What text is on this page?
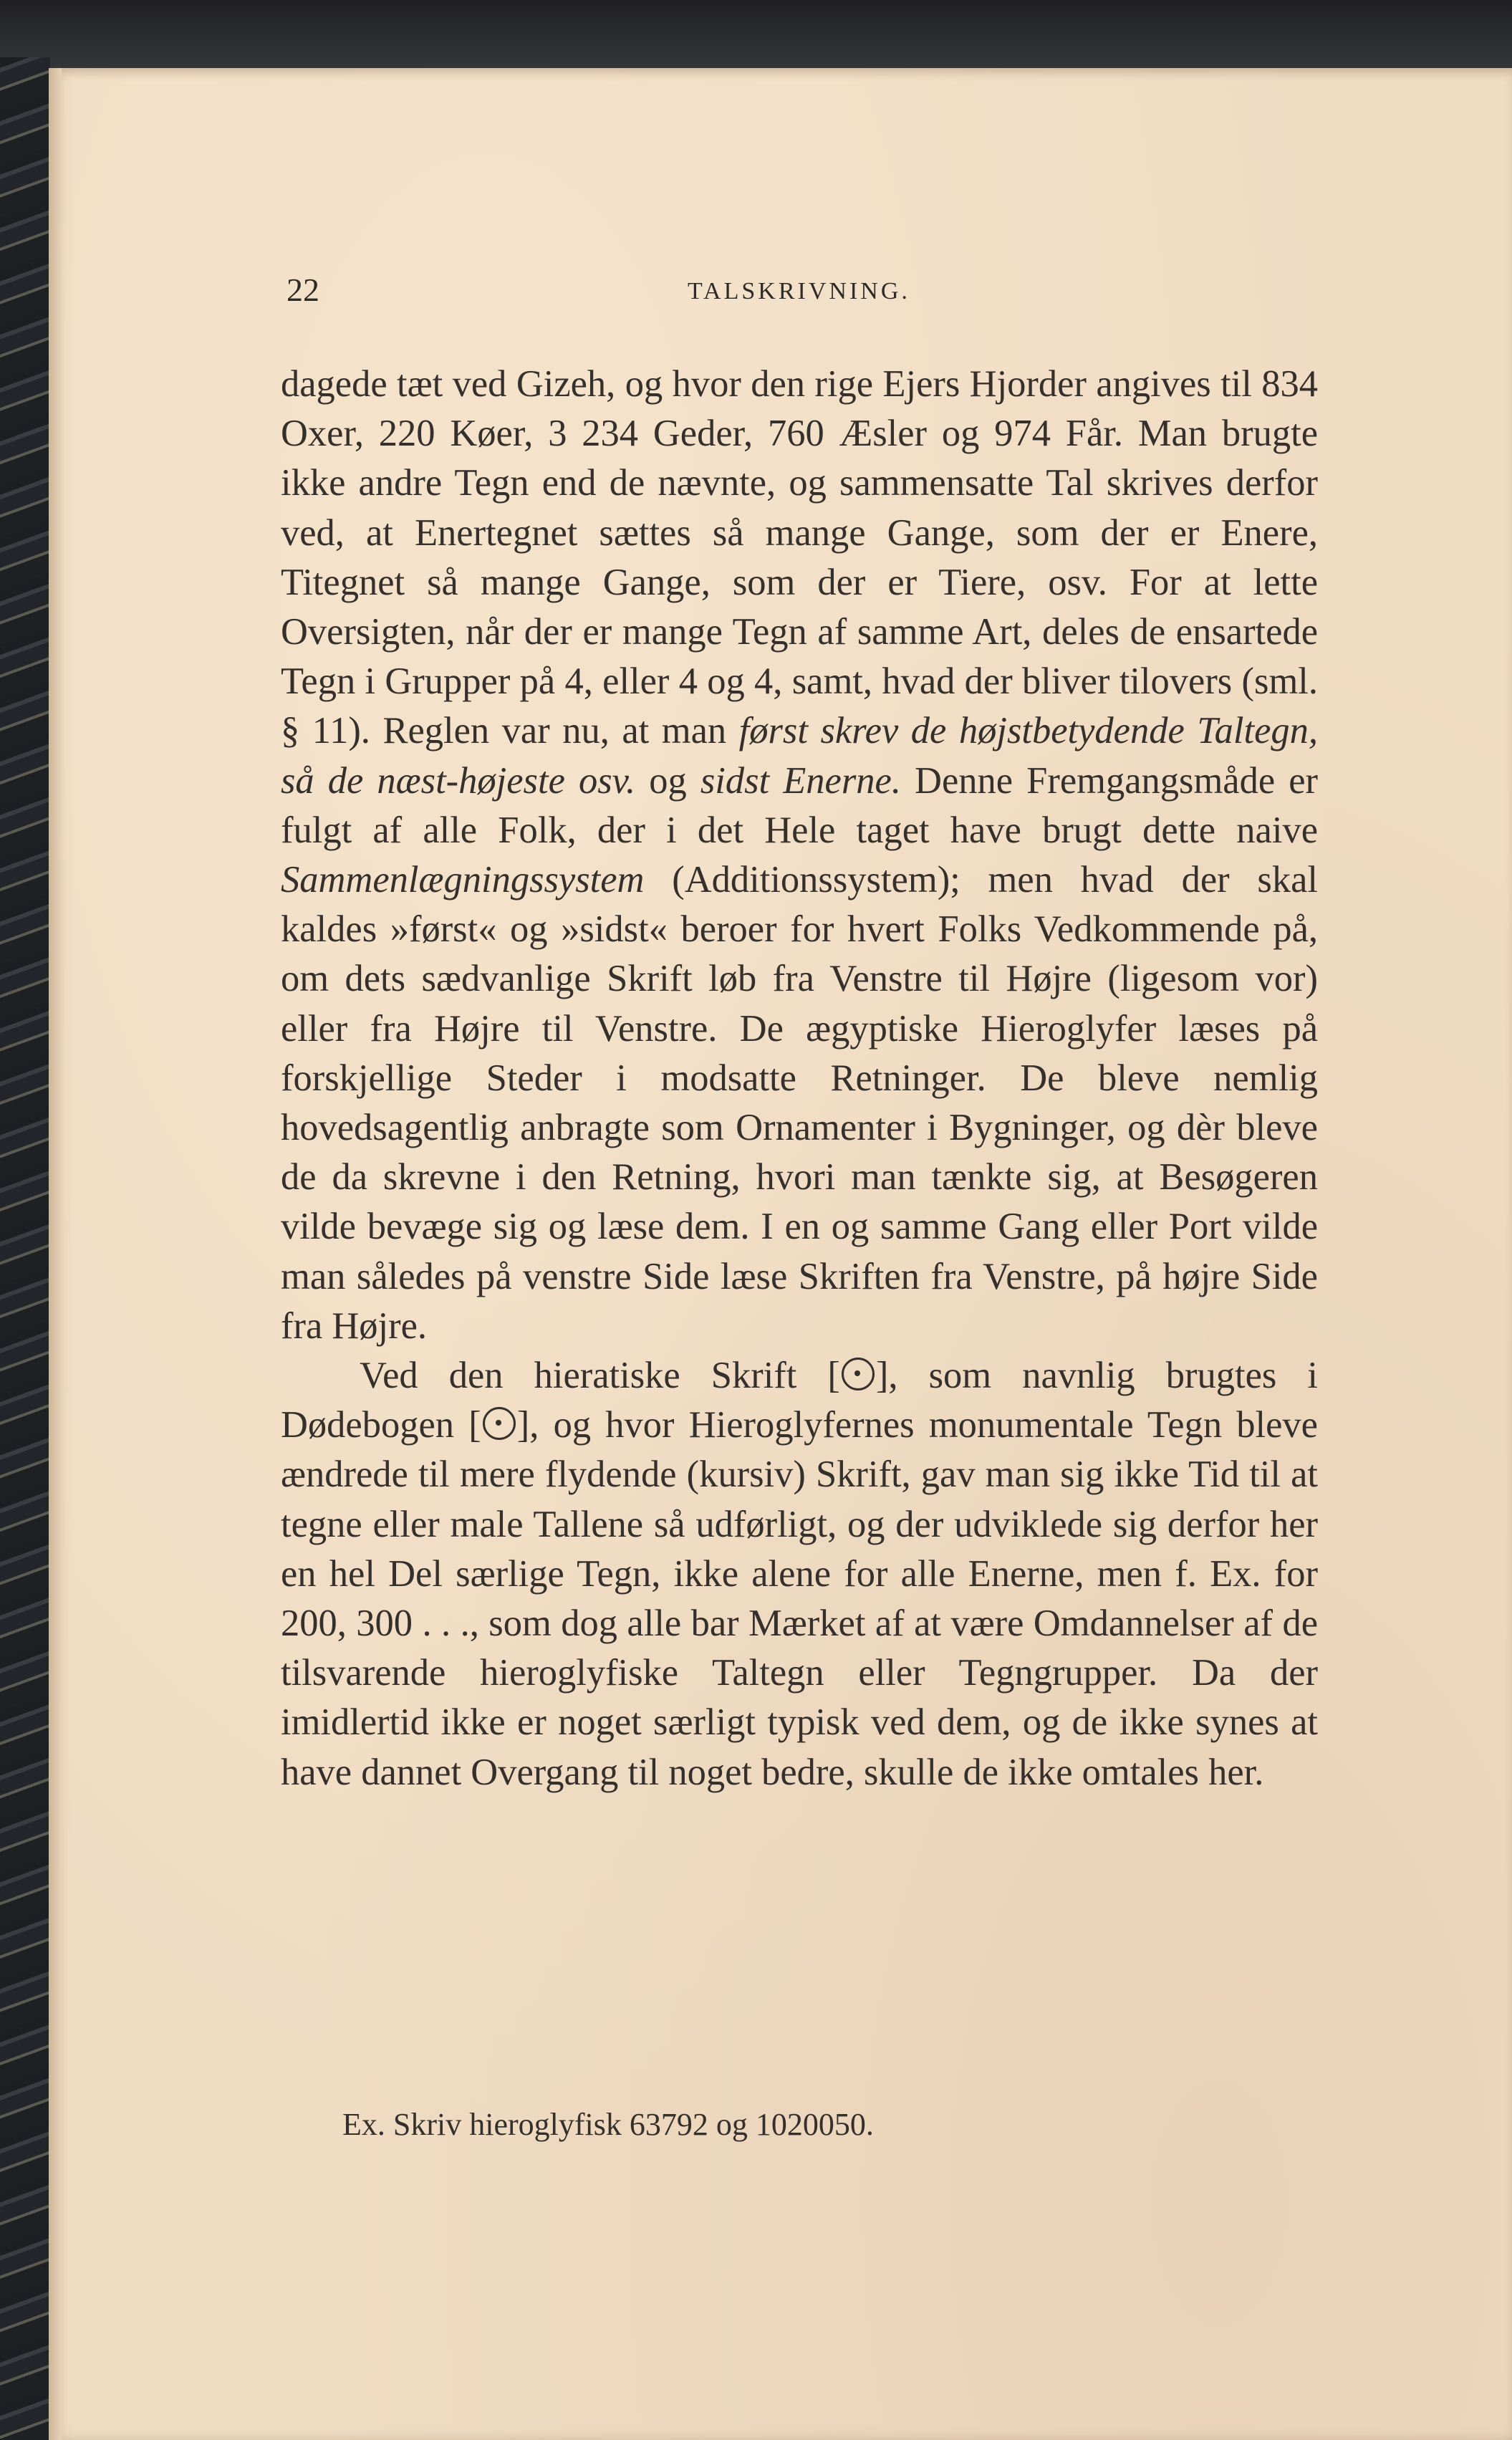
22	TALSKRIVNING.

dagede tæt ved Gizeh, og hvor den rige Ejers Hjorder angives til 834 Oxer, 220 Køer, 3 234 Geder, 760 Æsler og 974 Får. Man brugte ikke andre Tegn end de nævnte, og sammensatte Tal skrives derfor ved, at Enertegnet sættes så mange Gange, som der er Enere, Titegnet så mange Gange, som der er Tiere, osv. For at lette Oversigten, når der er mange Tegn af samme Art, deles de ensartede Tegn i Grupper på 4, eller 4 og 4, samt, hvad der bliver tilovers (sml. § 11). Reglen var nu, at man først skrev de højstbetydende Taltegn, så de næst-højeste osv. og sidst Enerne. Denne Fremgangsmåde er fulgt af alle Folk, der i det Hele taget have brugt dette naive Sammenlægningssystem (Additionssystem); men hvad der skal kaldes »først« og »sidst« beroer for hvert Folks Vedkommende på, om dets sædvanlige Skrift løb fra Venstre til Højre (ligesom vor) eller fra Højre til Venstre. De ægyptiske Hieroglyfer læses på forskjellige Steder i modsatte Retninger. De bleve nemlig hovedsagentlig anbragte som Ornamenter i Bygninger, og dèr bleve de da skrevne i den Retning, hvori man tænkte sig, at Besøgeren vilde bevæge sig og læse dem. I en og samme Gang eller Port vilde man således på venstre Side læse Skriften fra Venstre, på højre Side fra Højre.

Ved den hieratiske Skrift [ ], som navnlig brugtes i Dødebogen [ ], og hvor Hieroglyfernes monumentale Tegn bleve ændrede til mere flydende (kursiv) Skrift, gav man sig ikke Tid til at tegne eller male Tallene så udførligt, og der udviklede sig derfor her en hel Del særlige Tegn, ikke alene for alle Enerne, men f. Ex. for 200, 300 . . ., som dog alle bar Mærket af at være Omdannelser af de tilsvarende hieroglyfiske Taltegn eller Tegngrupper. Da der imidlertid ikke er noget særligt typisk ved dem, og de ikke synes at have dannet Overgang til noget bedre, skulle de ikke omtales her.

Ex. Skriv hieroglyfisk 63792 og 1020050.
